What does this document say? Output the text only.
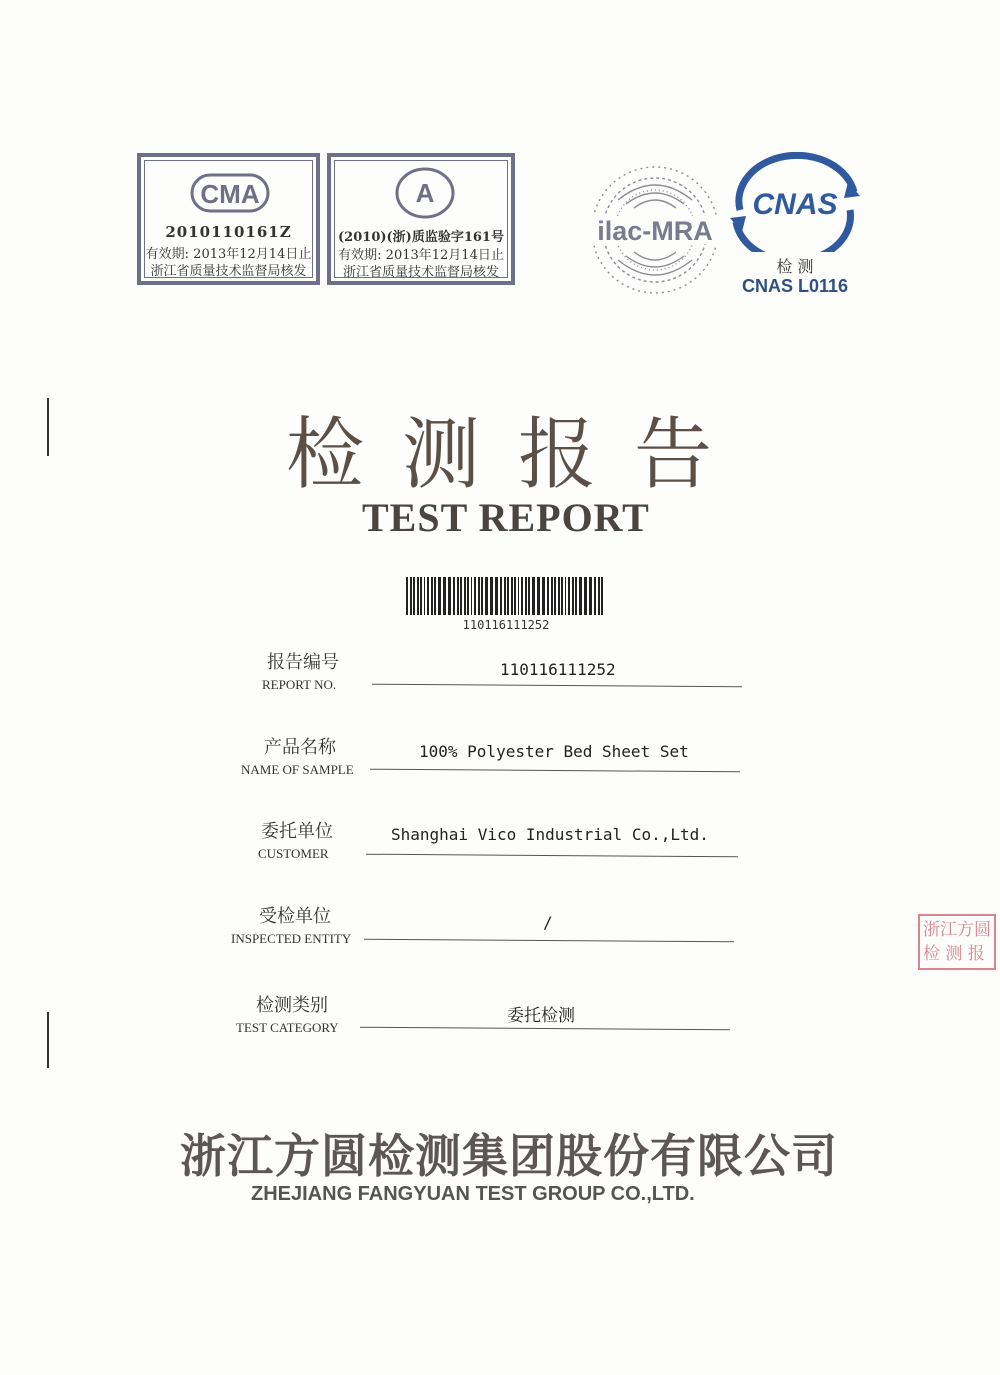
CMA
2010110161Z
有效期: 2013年12月14日止
浙江省质量技术监督局核发
A
(2010)(浙)质监验字161号
有效期: 2013年12月14日止
浙江省质量技术监督局核发
ilac-MRA
CNAS
检 测
CNAS L0116
检测报告
TEST REPORT
110116111252
报告编号
REPORT NO.
110116111252
产品名称
NAME OF SAMPLE
100% Polyester Bed Sheet Set
委托单位
CUSTOMER
Shanghai Vico Industrial Co.,Ltd.
受检单位
INSPECTED ENTITY
/
检测类别
TEST CATEGORY
委托检测
浙江方圆检测集团股份有限公司
ZHEJIANG FANGYUAN TEST GROUP CO.,LTD.
浙江方圆
检 测 报
